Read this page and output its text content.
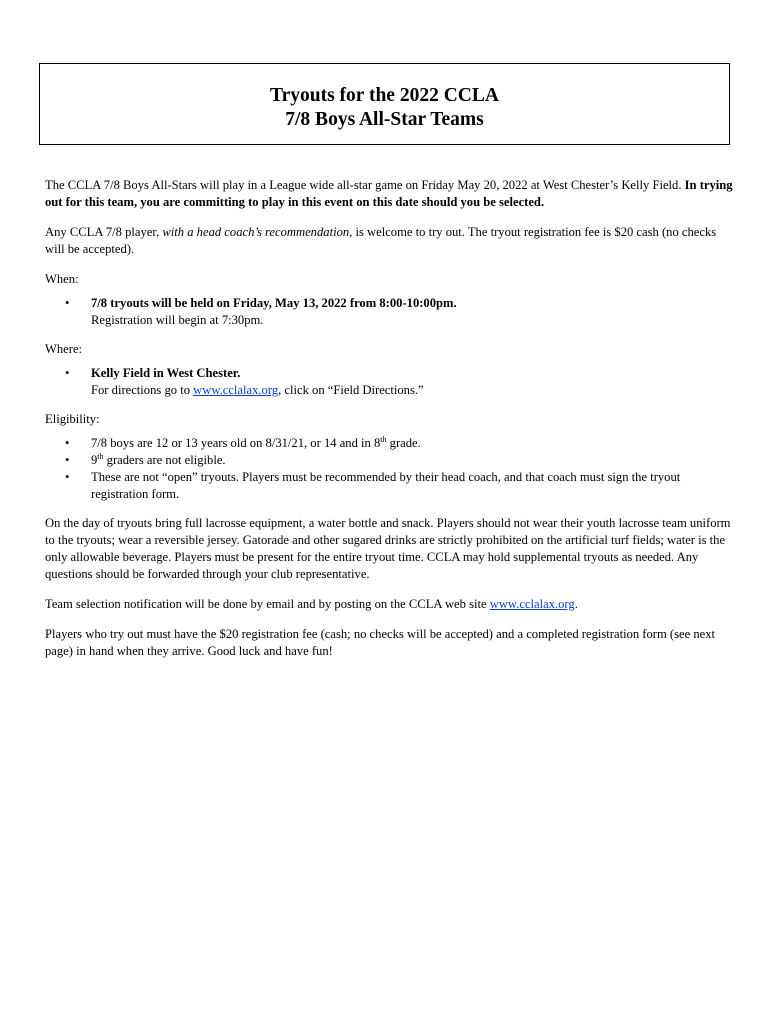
Tryouts for the 2022 CCLA
7/8 Boys All-Star Teams

The CCLA 7/8 Boys All-Stars will play in a League wide all-star game on Friday May 20, 2022 at West Chester’s Kelly Field. In trying out for this team, you are committing to play in this event on this date should you be selected.

Any CCLA 7/8 player, with a head coach’s recommendation, is welcome to try out. The tryout registration fee is $20 cash (no checks will be accepted).

When:
• 7/8 tryouts will be held on Friday, May 13, 2022 from 8:00-10:00pm.
Registration will begin at 7:30pm.
Where:
• Kelly Field in West Chester.
For directions go to www.cclalax.org, click on “Field Directions.”
Eligibility:
• 7/8 boys are 12 or 13 years old on 8/31/21, or 14 and in 8th grade.
• 9th graders are not eligible.
• These are not “open” tryouts. Players must be recommended by their head coach, and that coach must sign the tryout registration form.

On the day of tryouts bring full lacrosse equipment, a water bottle and snack. Players should not wear their youth lacrosse team uniform to the tryouts; wear a reversible jersey. Gatorade and other sugared drinks are strictly prohibited on the artificial turf fields; water is the only allowable beverage. Players must be present for the entire tryout time. CCLA may hold supplemental tryouts as needed. Any questions should be forwarded through your club representative.

Team selection notification will be done by email and by posting on the CCLA web site www.cclalax.org.

Players who try out must have the $20 registration fee (cash; no checks will be accepted) and a completed registration form (see next page) in hand when they arrive. Good luck and have fun!
